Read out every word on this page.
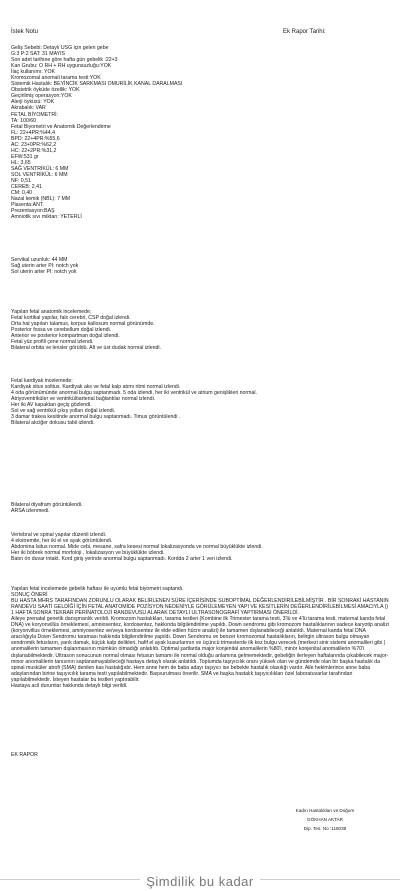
İstek Notu	Ek Rapor Tarihi:
Geliş Sebebi: Detaylı USG için gelen gebe
G:3 P:2 SAT: 31 MAYIS
Son adet tarihine göre hafta gün gebelik :22+3
Kan Grubu: O RH + RH uygunsuzluğu:YOK
İlaç kullanımı: YOK
Kromozomal anomali tarama testi:YOK
Sistemik Hastalık: BEYİNCİK SARKMASI OMURİLİK KANAL DARALMASI
Obstetrik öyküde özellik: YOK
Geçirilmiş operasyon:YOK
Alerji öyküsü: YOK
Akrabalık: VAR
FETAL BİYOMETRİ:
TA: 100/60
Fetal Biyometri ve Anatomik Değerlendirme
FL: 22+4PR:%44,4
BPD: 22+4PR:%55,6
AC: 23+0PR:%62,2
HC: 22+2PR:%31,2
EFW:531 gr
HL: 3,65
SAĞ VENTRİKÜL: 6 MM
SOL VENTRİKÜL: 6 MM
NF: 0,51
CEREB: 2,41
CM: 0,40
Nazal kemik (NBL): 7 MM
Plasenta:ANT.
Prezentasyon:BAŞ
Amniotik sıvı miktarı: YETERLİ
Servikal uzunluk: 44 MM
Sağ uterin arter PI: notch yok
Sol uterin arter PI: notch yok
Yapılan fetal anatomik incelemede;
Fetal kortikal yapılar, falx cerebri, CSP doğal izlendi.
Orta hat yapıları talamus, korpus kallosum normal görünümde.
Posterior fossa ve cerebellum doğal izlendi.
Anterior ve posterior kompartman doğal izlendi.
Fetal yüz profili çene normal izlendi.
Bilateral orbita ve lensler görüldü. Alt ve üst dudak normal izlendi.
Fetal kardiyak incelemede;
Kardiyak situs solitus. Kardiyak aks ve fetal kalp atımı ritmi normal izlendi.
4 oda görünümünde anormal bulgu saptanmadı. 5 oda izlendi, her iki ventrikül ve atrium genişlikleri normal.
Atriyoventriküler ve ventrikülöarterial bağlantılar normal izlendi.
Her iki AV kapaktan geçiş gözlendi.
Sol ve sağ ventrikül çıkış yolları doğal izlendi.
3 damar trakea kesitinde anormal bulgu saptanmadı. Timus görüntülendi .
Bilateral akciğer dokusu tabii izlendi.
Bilateral diyafram görüntülendi.
ARSA izlenmedi.
Vertebral ve spinal yapılar düzenli izlendi.
4 ekstremite, her iki el ve ayak görüntülendi.
Abdomina lsitus normal. Mide cebi, mesane, safra kesesi normal lokalizasyonda ve normal büyüklükte izlendi.
Her iki böbrek normal morfoloji , lokalizasyon ve büyüklükte izlendi.
Batın ön duvar intakt. Kord giriş yerinde anormal bulgu saptanmadı. Kordda 2 arter 1 ven izlendi.
Yapılan fetal incelemede gebelik haftası ile uyumlu fetal biyometri saptandı.
SONUÇ ÖNERİ
BU HASTA MHRS TARAFINDAN ZORUNLU OLARAK BELİRLENEN SÜRE İÇERİSİNDE SUBOPTİMAL DEĞERLENDİRİLEBİLMİŞTİR . BİR SONRAKİ HASTANIN RANDEVU SAATİ GELDİĞİ İÇİN FETAL ANATOMİDE POZİSYON NEDENİYLE GÖRÜLEMEYEN YAPI VE KESİTLERİN DEĞERLENDİRİLEBİLMESİ AMACIYLA () 1 HAFTA SONRA TEKRAR PERİNATOLOJİ RANDEVUSU ALARAK DETAYLI ULTRASONOGRAFİ YAPTIRMASI ÖNERİLDİ.
Aileye prenatal genetik danışmanlık verildi. Kromozom hastalıkları, tarama testleri (Kombine ilk Trimester tarama testi, 3'lü ve 4'lü tarama testi, maternal kanda fetal DNA) ve koryonvillüs örneklemesi, amniosentez, kordosentez, hakkında bilgilendirilme yapıldı. Down sendromu gibi kromozom hastalıklarının sadece karyotip analizi (koryonvillus örneklemesi, amniyosentez ve/veya kordosentez ile elde edilen hücre analizi) ile tamamen dışlanabileceği anlatıldı. Maternal kanda fetal DNA aracılığıyla Down Sendromu taraması hakkında bilgilendirilme yapıldı. Down Sendromu ve benzer kromozomal hastalıkların, belirgin ultrason bulgu olmayan sendromik fetusların, yarık damak, küçük kalp delikleri, hafif el ayak kusurlarının ve üçüncü trimesterde ilk kez bulgu verecek (merkezi sinir sistemi anomalileri gibi ) anomalilerin tamamen dışlanmasının mümkün olmadığı anlatıldı. Optimal şartlarda major konjenital anomalilerin %80'i, minör konjenital anomalilerin %70'i dışlanabilmektedir. Ultrason sonucunun normal olması fetusun tamamı ile normal olduğu anlamına gelmemektedir, gebeliğin ilerleyen haftalarında çıkabilecek major-minor anomalilerin tanısının saptanamayabileceği hastaya detaylı olarak anlatıldı. Toplumda taşıyıcılık oranı yüksek olan ve gündemde olan bir başka hastalık da spinal musküler atrofi (SMA) denilen kas hastalığıdır. Hem anne hem de baba adayı taşıyıcı ise bebekte hastalık olasılığı vardır. Aile hekimlerince anne baba adaylarından birine taşıyıcılık tarama testi yapılabilmektedir. Başvurulması önerilir. SMA ve başka hastalık taşıyıcılıkları özel laboratuvarlar tarafından yapılabilmektedir. İsteyen hastalar bu testleri yaptırabilir.
Hastaya acil durumlar hakkında detaylı bilgi verildi.
EK RAPOR
Kadın Hastalıkları ve Doğum
GÖKHAN AKTAR
Dip. Tes. No :118038
Şimdilik bu kadar
